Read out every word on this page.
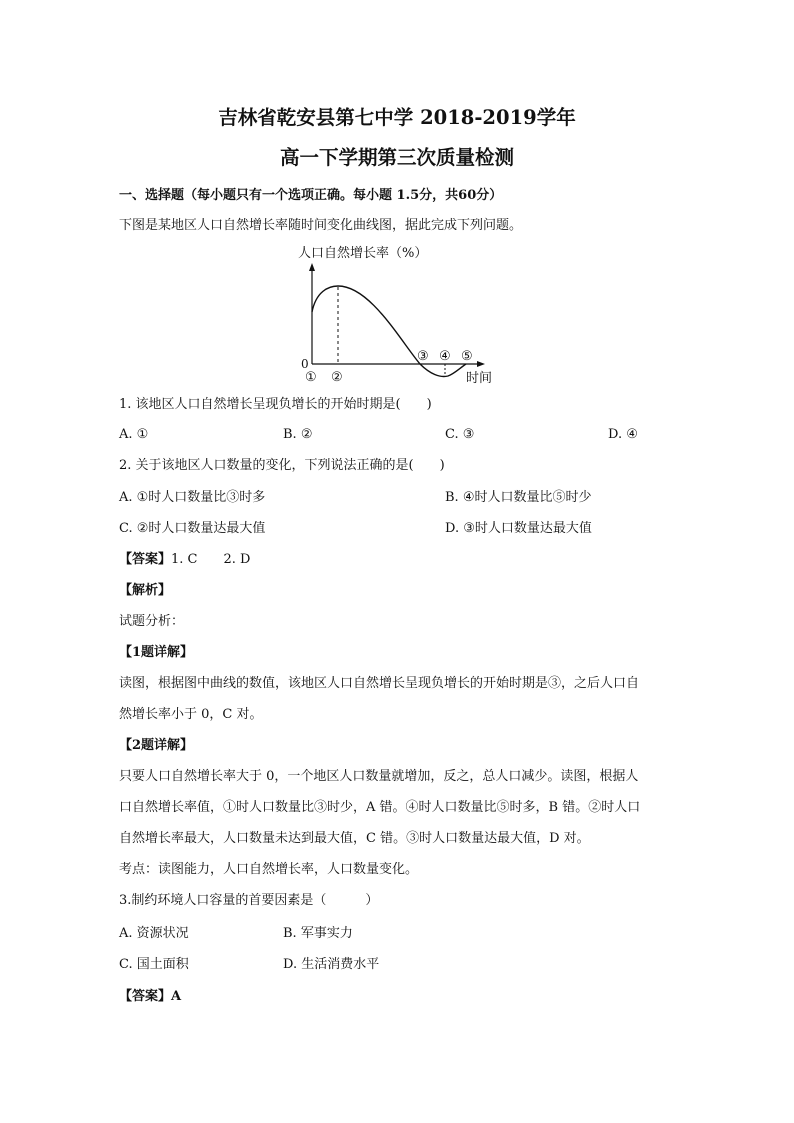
吉林省乾安县第七中学 2018-2019学年
高一下学期第三次质量检测
一、选择题（每小题只有一个选项正确。每小题 1.5分，共60分）
下图是某地区人口自然增长率随时间变化曲线图，据此完成下列问题。
人口自然增长率（%）
0
时间
① ②
③ ④ ⑤
1. 该地区人口自然增长呈现负增长的开始时期是(　　)
A. ①	B. ②	C. ③	D. ④
2. 关于该地区人口数量的变化，下列说法正确的是(　　)
A. ①时人口数量比③时多	B. ④时人口数量比⑤时少
C. ②时人口数量达最大值	D. ③时人口数量达最大值
【答案】1. C　　2. D
【解析】
试题分析：
【1题详解】
读图，根据图中曲线的数值，该地区人口自然增长呈现负增长的开始时期是③，之后人口自
然增长率小于 0，C 对。
【2题详解】
只要人口自然增长率大于 0，一个地区人口数量就增加，反之，总人口减少。读图，根据人
口自然增长率值，①时人口数量比③时少，A 错。④时人口数量比⑤时多，B 错。②时人口
自然增长率最大，人口数量未达到最大值，C 错。③时人口数量达最大值，D 对。
考点：读图能力，人口自然增长率，人口数量变化。
3.制约环境人口容量的首要因素是（　　　）
A. 资源状况	B. 军事实力
C. 国土面积	D. 生活消费水平
【答案】A
